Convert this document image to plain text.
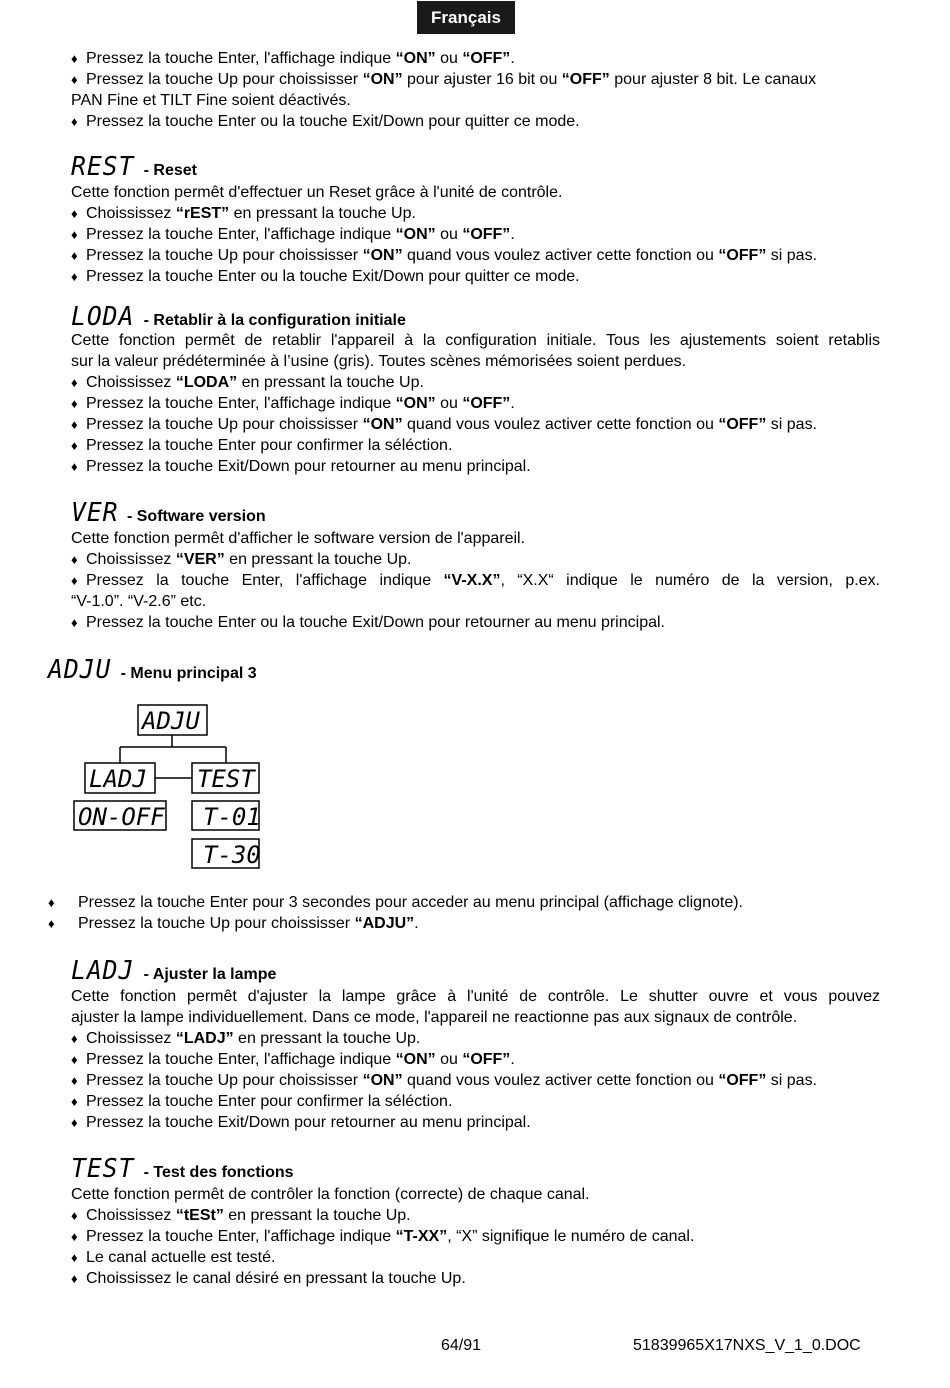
Français
♦ Pressez la touche Enter, l'affichage indique “ON” ou “OFF”.
♦ Pressez la touche Up pour choississer “ON” pour ajuster 16 bit ou “OFF” pour ajuster 8 bit. Le canaux
PAN Fine et TILT Fine soient déactivés.
♦ Pressez la touche Enter ou la touche Exit/Down pour quitter ce mode.
REST - Reset
Cette fonction permêt d'effectuer un Reset grâce à l'unité de contrôle.
♦ Choississez “rEST” en pressant la touche Up.
♦ Pressez la touche Enter, l'affichage indique “ON” ou “OFF”.
♦ Pressez la touche Up pour choississer “ON” quand vous voulez activer cette fonction ou “OFF” si pas.
♦ Pressez la touche Enter ou la touche Exit/Down pour quitter ce mode.
LODA - Retablir à la configuration initiale
Cette fonction permêt de retablir l'appareil à la configuration initiale. Tous les ajustements soient retablis
sur la valeur prédéterminée à l’usine (gris). Toutes scènes mémorisées soient perdues.
♦ Choississez “LODA” en pressant la touche Up.
♦ Pressez la touche Enter, l'affichage indique “ON” ou “OFF”.
♦ Pressez la touche Up pour choississer “ON” quand vous voulez activer cette fonction ou “OFF” si pas.
♦ Pressez la touche Enter pour confirmer la séléction.
♦ Pressez la touche Exit/Down pour retourner au menu principal.
VER - Software version
Cette fonction permêt d'afficher le software version de l'appareil.
♦ Choississez “VER” en pressant la touche Up.
♦ Pressez la touche Enter, l'affichage indique “V-X.X”, “X.X“ indique le numéro de la version, p.ex.
“V-1.0”. “V-2.6” etc.
♦ Pressez la touche Enter ou la touche Exit/Down pour retourner au menu principal.
ADJU - Menu principal 3
ADJU
LADJ TEST
ON-OFF T-01
T-30
♦ Pressez la touche Enter pour 3 secondes pour acceder au menu principal (affichage clignote).
♦ Pressez la touche Up pour choississer “ADJU”.
LADJ - Ajuster la lampe
Cette fonction permêt d'ajuster la lampe grâce à l'unité de contrôle. Le shutter ouvre et vous pouvez
ajuster la lampe individuellement. Dans ce mode, l'appareil ne reactionne pas aux signaux de contrôle.
♦ Choississez “LADJ” en pressant la touche Up.
♦ Pressez la touche Enter, l'affichage indique “ON” ou “OFF”.
♦ Pressez la touche Up pour choississer “ON” quand vous voulez activer cette fonction ou “OFF” si pas.
♦ Pressez la touche Enter pour confirmer la séléction.
♦ Pressez la touche Exit/Down pour retourner au menu principal.
TEST - Test des fonctions
Cette fonction permêt de contrôler la fonction (correcte) de chaque canal.
♦ Choississez “tESt” en pressant la touche Up.
♦ Pressez la touche Enter, l'affichage indique “T-XX”, “X” signifique le numéro de canal.
♦ Le canal actuelle est testé.
♦ Choississez le canal désiré en pressant la touche Up.
64/91	51839965X17NXS_V_1_0.DOC
